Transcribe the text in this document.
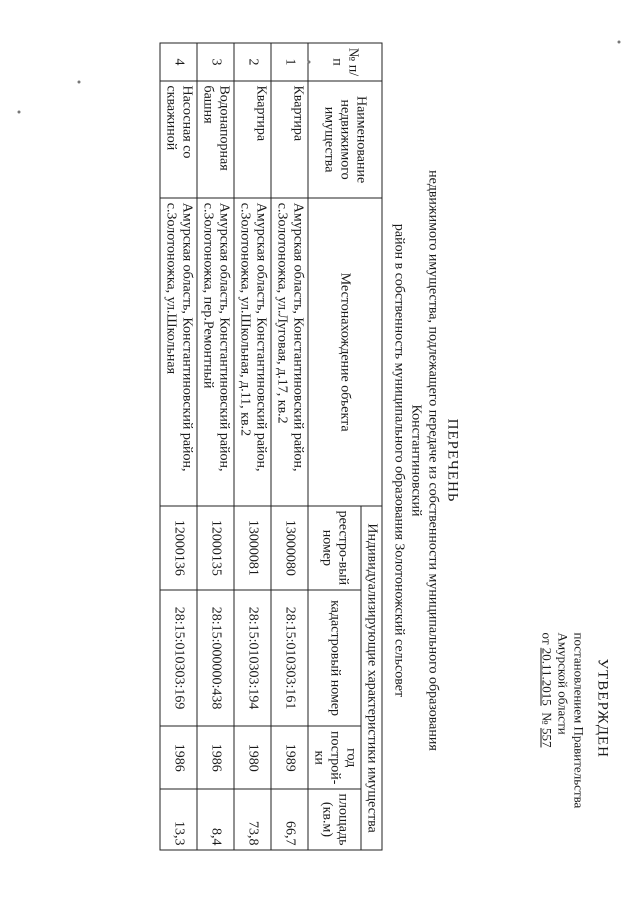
УТВЕРЖДЕН
постановлением Правительства
Амурской области
от 20.11.2015  № 557
ПЕРЕЧЕНЬ
недвижимого имущества, подлежащего передаче из собственности муниципального образования Константиновский
район в собственность муниципального образования Золотоножский сельсовет
№ п/п	Наименование недвижимого имущества	Местонахождение объекта	Индивидуализирующие характеристики имущества			
			реестро-вый номер	кадастровый номер	год построй-ки	площадь (кв.м)
1	Квартира	Амурская область, Константиновский район, с.Золотоножка, ул.Луговая, д.17, кв.2	13000080	28:15:010303:161	1989	66,7
2	Квартира	Амурская область, Константиновский район, с.Золотоножка, ул.Школьная, д.11, кв.2	13000081	28:15:010303:194	1980	73,8
3	Водонапорная башня	Амурская область, Константиновский район, с.Золотоножка, пер.Ремонтный	12000135	28:15:000000:438	1986	8,4
4	Насосная со скважиной	Амурская область, Константиновский район, с.Золотоножка, ул.Школьная	12000136	28:15:010303:169	1986	13,3
